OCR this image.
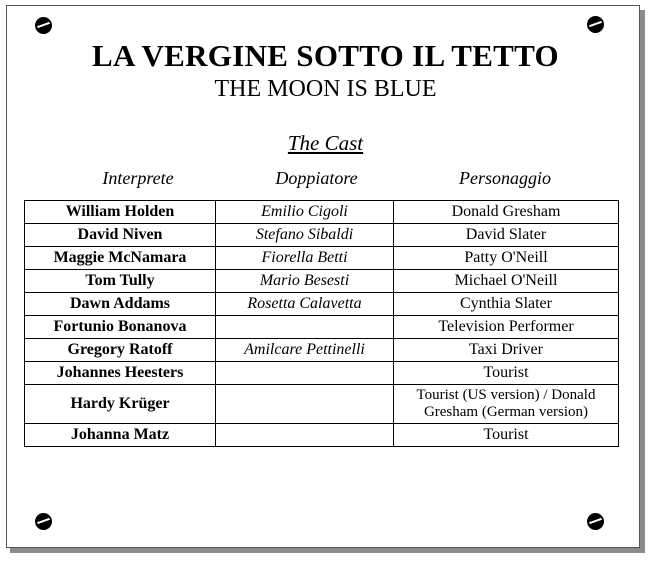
LA VERGINE SOTTO IL TETTO
THE MOON IS BLUE
The Cast
Interprete	Doppiatore	Personaggio
William Holden	Emilio Cigoli	Donald Gresham
David Niven	Stefano Sibaldi	David Slater
Maggie McNamara	Fiorella Betti	Patty O'Neill
Tom Tully	Mario Besesti	Michael O'Neill
Dawn Addams	Rosetta Calavetta	Cynthia Slater
Fortunio Bonanova		Television Performer
Gregory Ratoff	Amilcare Pettinelli	Taxi Driver
Johannes Heesters		Tourist
Hardy Krüger		Tourist (US version) / Donald Gresham (German version)
Johanna Matz		Tourist
